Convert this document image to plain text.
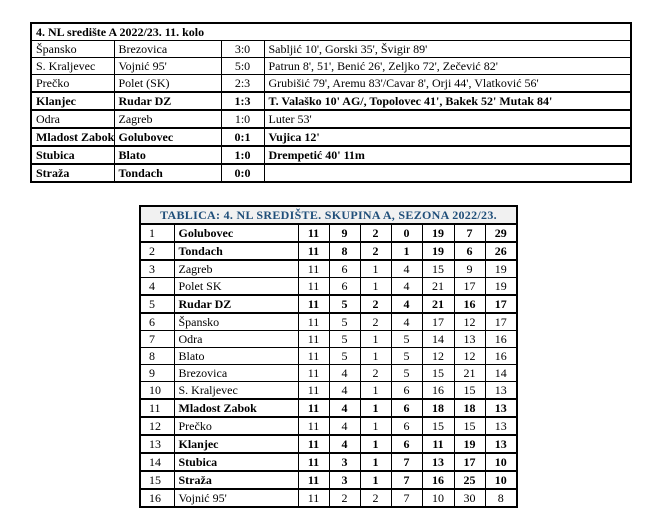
4. NL središte A 2022/23. 11. kolo			
Špansko	Brezovica	3:0	Sabljić 10', Gorski 35', Švigir 89'
S. Kraljevec	Vojnić 95'	5:0	Patrun 8', 51', Benić 26', Zeljko 72', Zečević 82'
Prečko	Polet (SK)	2:3	Grubišić 79', Aremu 83'/Cavar 8', Orji 44', Vlatković 56'
Klanjec	Rudar DZ	1:3	T. Valaško 10' AG/, Topolovec 41', Bakek 52' Mutak 84'
Odra	Zagreb	1:0	Luter 53'
Mladost Zabok	Golubovec	0:1	Vujica 12'
Stubica	Blato	1:0	Drempetić 40' 11m
Straža	Tondach	0:0	
TABLICA: 4. NL SREDIŠTE. SKUPINA A, SEZONA 2022/23.								
1	Golubovec	11	9	2	0	19	7	29
2	Tondach	11	8	2	1	19	6	26
3	Zagreb	11	6	1	4	15	9	19
4	Polet SK	11	6	1	4	21	17	19
5	Rudar DZ	11	5	2	4	21	16	17
6	Špansko	11	5	2	4	17	12	17
7	Odra	11	5	1	5	14	13	16
8	Blato	11	5	1	5	12	12	16
9	Brezovica	11	4	2	5	15	21	14
10	S. Kraljevec	11	4	1	6	16	15	13
11	Mladost Zabok	11	4	1	6	18	18	13
12	Prečko	11	4	1	6	15	15	13
13	Klanjec	11	4	1	6	11	19	13
14	Stubica	11	3	1	7	13	17	10
15	Straža	11	3	1	7	16	25	10
16	Vojnić 95'	11	2	2	7	10	30	8
